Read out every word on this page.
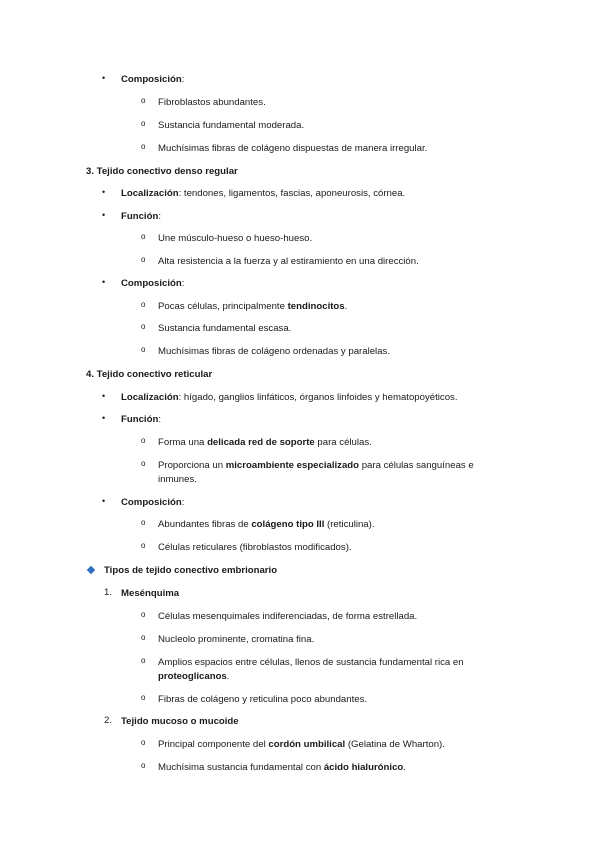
• Composición:
o Fibroblastos abundantes.
o Sustancia fundamental moderada.
o Muchísimas fibras de colágeno dispuestas de manera irregular.
3. Tejido conectivo denso regular
• Localización: tendones, ligamentos, fascias, aponeurosis, córnea.
• Función:
o Une músculo-hueso o hueso-hueso.
o Alta resistencia a la fuerza y al estiramiento en una dirección.
• Composición:
o Pocas células, principalmente tendinocitos.
o Sustancia fundamental escasa.
o Muchísimas fibras de colágeno ordenadas y paralelas.
4. Tejido conectivo reticular
• Localización: hígado, ganglios linfáticos, órganos linfoides y hematopoyéticos.
• Función:
o Forma una delicada red de soporte para células.
o Proporciona un microambiente especializado para células sanguíneas e
inmunes.
• Composición:
o Abundantes fibras de colágeno tipo III (reticulina).
o Células reticulares (fibroblastos modificados).
Tipos de tejido conectivo embrionario
1. Mesénquima
o Células mesenquimales indiferenciadas, de forma estrellada.
o Nucleolo prominente, cromatina fina.
o Amplios espacios entre células, llenos de sustancia fundamental rica en
proteoglicanos.
o Fibras de colágeno y reticulina poco abundantes.
2. Tejido mucoso o mucoide
o Principal componente del cordón umbilical (Gelatina de Wharton).
o Muchísima sustancia fundamental con ácido hialurónico.
